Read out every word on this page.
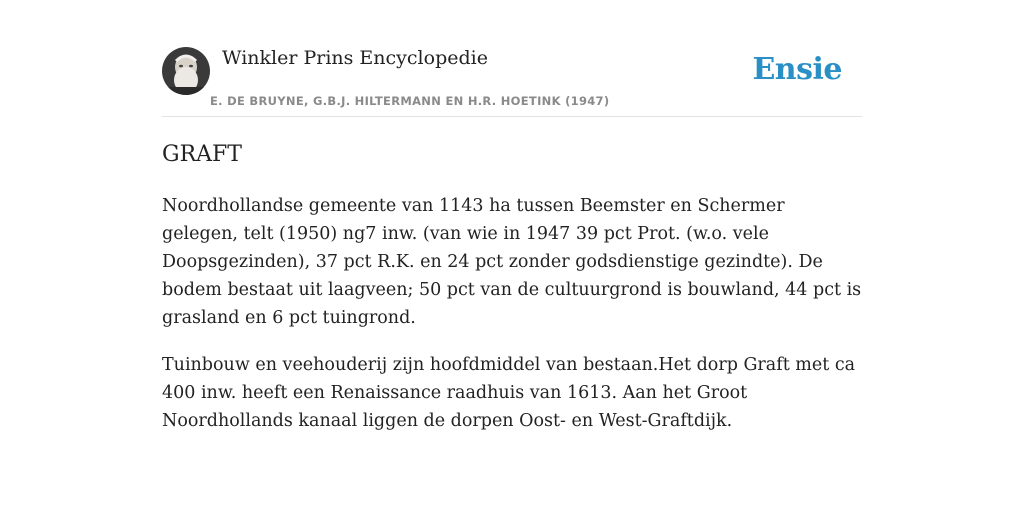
Winkler Prins Encyclopedie
E. DE BRUYNE, G.B.J. HILTERMANN EN H.R. HOETINK (1947)
Ensie
GRAFT

Noordhollandse gemeente van 1143 ha tussen Beemster en Schermer gelegen, telt (1950) ng7 inw. (van wie in 1947 39 pct Prot. (w.o. vele Doopsgezinden), 37 pct R.K. en 24 pct zonder godsdienstige gezindte). De bodem bestaat uit laagveen; 50 pct van de cultuurgrond is bouwland, 44 pct is grasland en 6 pct tuingrond.

Tuinbouw en veehouderij zijn hoofdmiddel van bestaan.Het dorp Graft met ca 400 inw. heeft een Renaissance raadhuis van 1613. Aan het Groot Noordhollands kanaal liggen de dorpen Oost- en West-Graftdijk.
